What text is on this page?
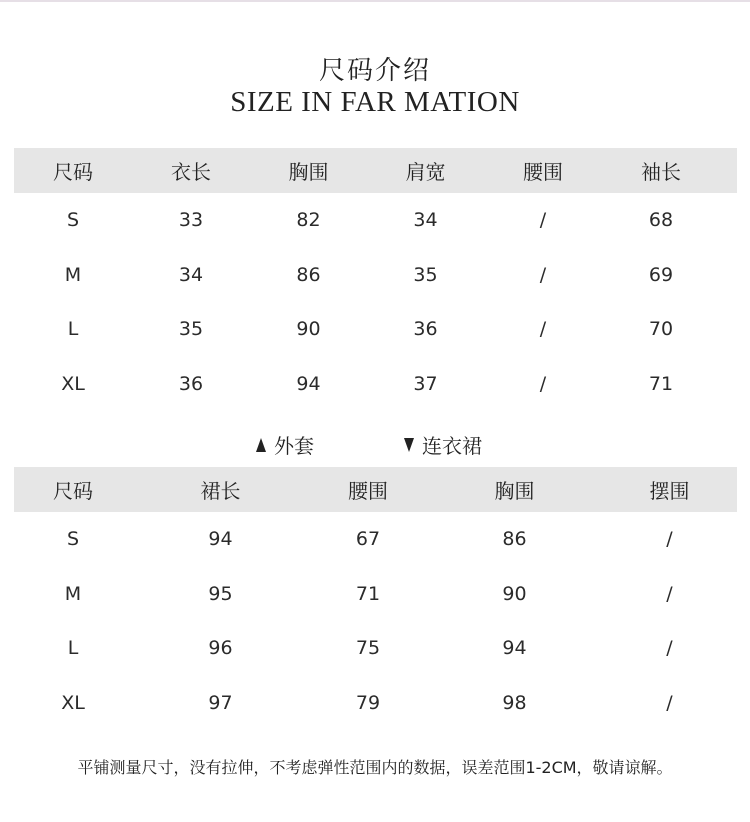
尺码介绍
SIZE IN FAR MATION
尺码	衣长	胸围	肩宽	腰围	袖长
S	33	82	34	/	68
M	34	86	35	/	69
L	35	90	36	/	70
XL	36	94	37	/	71
外套	连衣裙
尺码	裙长	腰围	胸围	摆围
S	94	67	86	/
M	95	71	90	/
L	96	75	94	/
XL	97	79	98	/
平铺测量尺寸，没有拉伸，不考虑弹性范围内的数据，误差范围1-2CM，敬请谅解。
